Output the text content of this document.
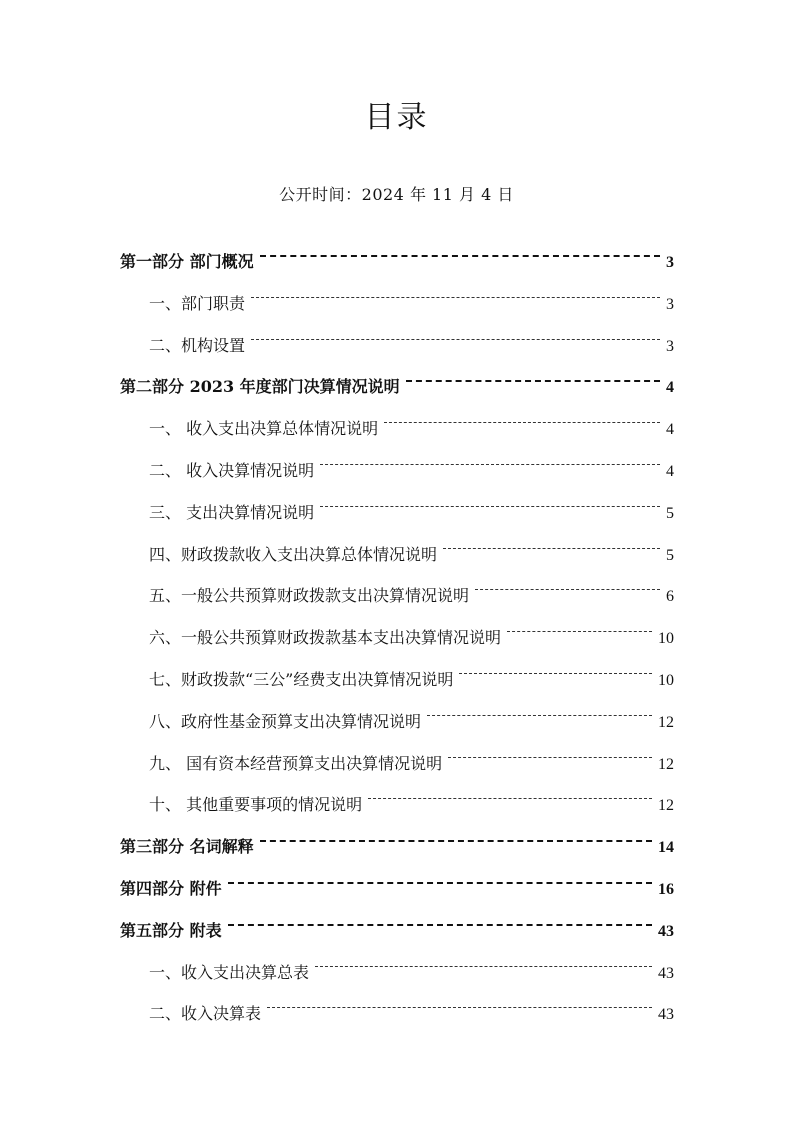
目录
公开时间：2024 年 11 月 4 日
第一部分 部门概况	3
一、部门职责	3
二、机构设置	3
第二部分 2023 年度部门决算情况说明	4
一、 收入支出决算总体情况说明	4
二、 收入决算情况说明	4
三、 支出决算情况说明	5
四、财政拨款收入支出决算总体情况说明	5
五、一般公共预算财政拨款支出决算情况说明	6
六、一般公共预算财政拨款基本支出决算情况说明	10
七、财政拨款“三公”经费支出决算情况说明	10
八、政府性基金预算支出决算情况说明	12
九、 国有资本经营预算支出决算情况说明	12
十、 其他重要事项的情况说明	12
第三部分 名词解释	14
第四部分 附件	16
第五部分 附表	43
一、收入支出决算总表	43
二、收入决算表	43
